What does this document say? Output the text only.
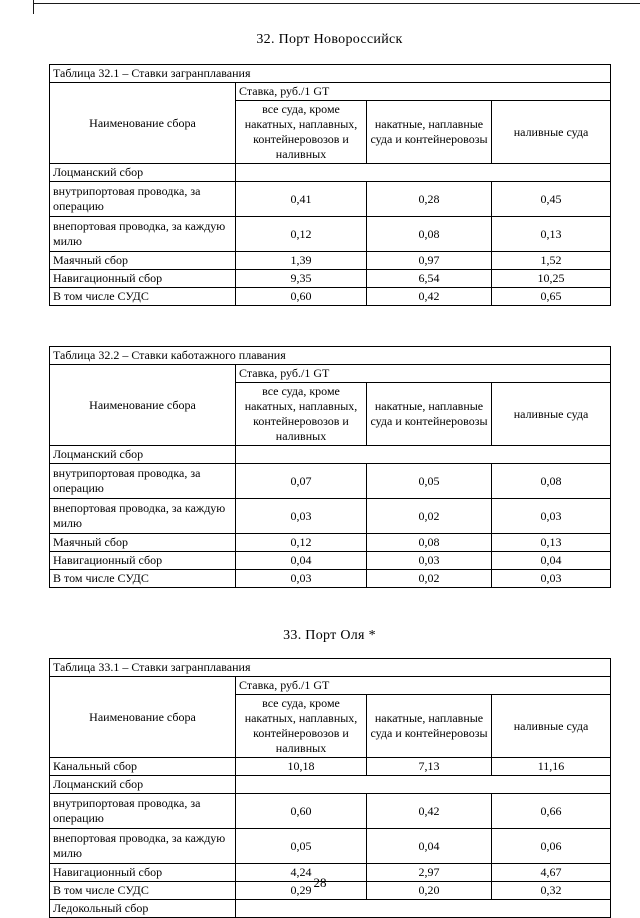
32. Порт Новороссийск
Таблица 32.1 – Ставки загранплавания			
Наименование сбора	Ставка, руб./1 GT		
	все суда, кроме накатных, наплавных, контейнеровозов и наливных	накатные, наплавные суда и контейнеровозы	наливные суда
Лоцманский сбор			
внутрипортовая проводка, за операцию	0,41	0,28	0,45
внепортовая проводка, за каждую милю	0,12	0,08	0,13
Маячный сбор	1,39	0,97	1,52
Навигационный сбор	9,35	6,54	10,25
В том числе СУДС	0,60	0,42	0,65
Таблица 32.2 – Ставки каботажного плавания			
Наименование сбора	Ставка, руб./1 GT		
	все суда, кроме накатных, наплавных, контейнеровозов и наливных	накатные, наплавные суда и контейнеровозы	наливные суда
Лоцманский сбор			
внутрипортовая проводка, за операцию	0,07	0,05	0,08
внепортовая проводка, за каждую милю	0,03	0,02	0,03
Маячный сбор	0,12	0,08	0,13
Навигационный сбор	0,04	0,03	0,04
В том числе СУДС	0,03	0,02	0,03
33. Порт Оля *
Таблица 33.1 – Ставки загранплавания			
Наименование сбора	Ставка, руб./1 GT		
	все суда, кроме накатных, наплавных, контейнеровозов и наливных	накатные, наплавные суда и контейнеровозы	наливные суда
Канальный сбор	10,18	7,13	11,16
Лоцманский сбор			
внутрипортовая проводка, за операцию	0,60	0,42	0,66
внепортовая проводка, за каждую милю	0,05	0,04	0,06
Навигационный сбор	4,24	2,97	4,67
В том числе СУДС	0,29	0,20	0,32
Ледокольный сбор			
28
